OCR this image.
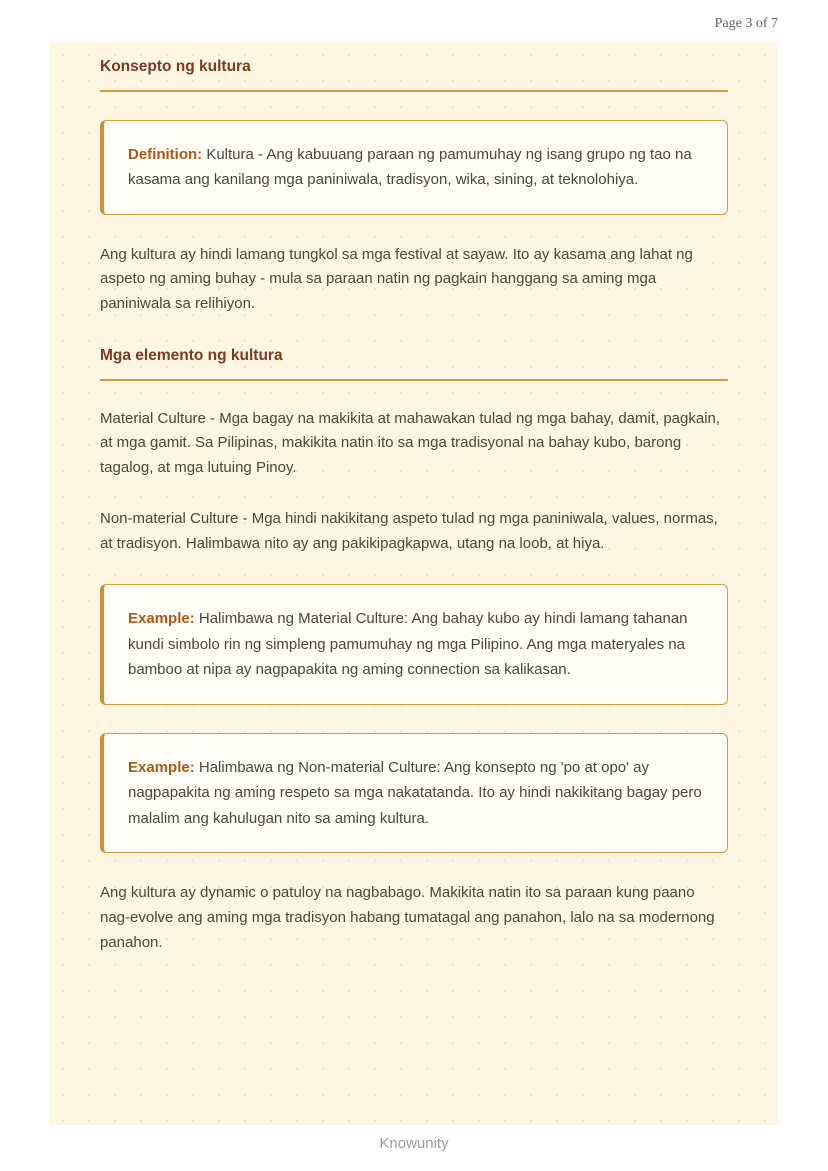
Page 3 of 7
Konsepto ng kultura

Definition: Kultura - Ang kabuuang paraan ng pamumuhay ng isang grupo ng tao na kasama ang kanilang mga paniniwala, tradisyon, wika, sining, at teknolohiya.

Ang kultura ay hindi lamang tungkol sa mga festival at sayaw. Ito ay kasama ang lahat ng aspeto ng aming buhay - mula sa paraan natin ng pagkain hanggang sa aming mga paniniwala sa relihiyon.

Mga elemento ng kultura

Material Culture - Mga bagay na makikita at mahawakan tulad ng mga bahay, damit, pagkain, at mga gamit. Sa Pilipinas, makikita natin ito sa mga tradisyonal na bahay kubo, barong tagalog, at mga lutuing Pinoy.

Non-material Culture - Mga hindi nakikitang aspeto tulad ng mga paniniwala, values, normas, at tradisyon. Halimbawa nito ay ang pakikipagkapwa, utang na loob, at hiya.

Example: Halimbawa ng Material Culture: Ang bahay kubo ay hindi lamang tahanan kundi simbolo rin ng simpleng pamumuhay ng mga Pilipino. Ang mga materyales na bamboo at nipa ay nagpapakita ng aming connection sa kalikasan.

Example: Halimbawa ng Non-material Culture: Ang konsepto ng 'po at opo' ay nagpapakita ng aming respeto sa mga nakatatanda. Ito ay hindi nakikitang bagay pero malalim ang kahulugan nito sa aming kultura.

Ang kultura ay dynamic o patuloy na nagbabago. Makikita natin ito sa paraan kung paano nag-evolve ang aming mga tradisyon habang tumatagal ang panahon, lalo na sa modernong panahon.

Knowunity
